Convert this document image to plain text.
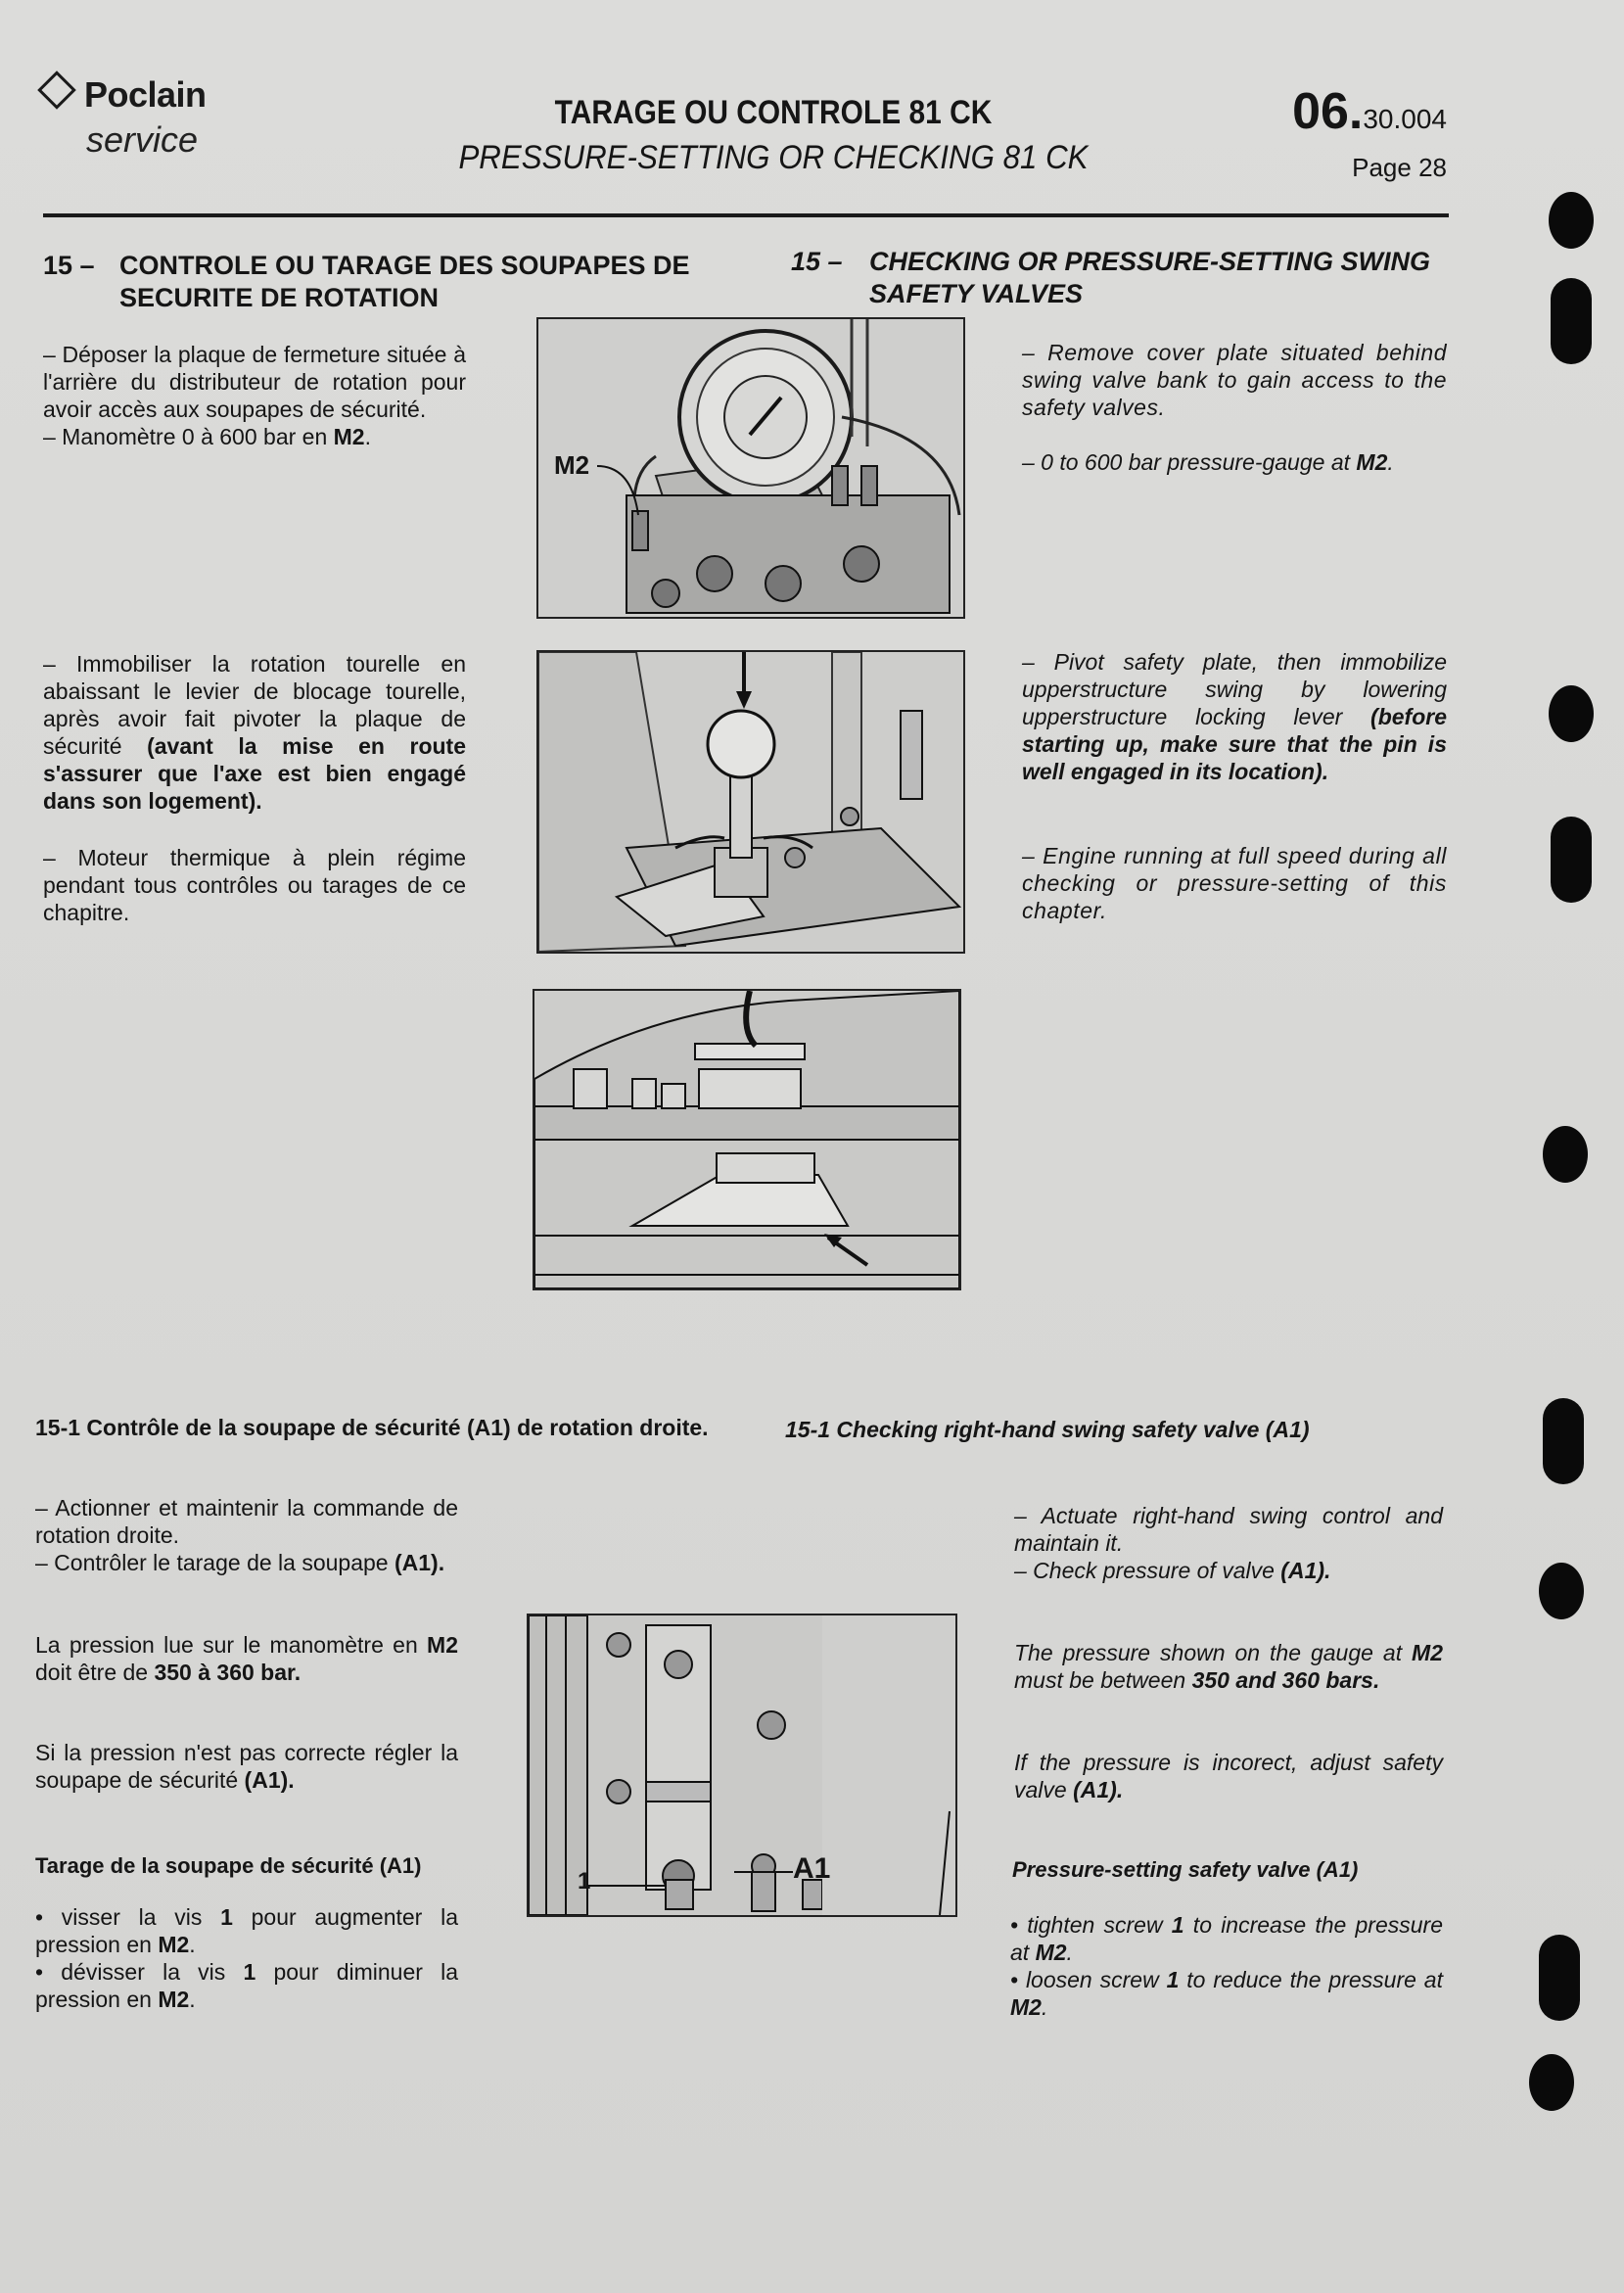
Poclain
service
TARAGE OU CONTROLE 81 CK
PRESSURE-SETTING OR CHECKING 81 CK
06.30.004
Page 28
15 – CONTROLE OU TARAGE DES SOUPAPES DE SECURITE DE ROTATION
15 –	CHECKING OR PRESSURE-SETTING SWING SAFETY VALVES
– Déposer la plaque de fermeture située à l'arrière du distributeur de rotation pour avoir accès aux soupapes de sécurité.
– Manomètre 0 à 600 bar en M2.
– Immobiliser la rotation tourelle en abaissant le levier de blocage tourelle, après avoir fait pivoter la plaque de sécurité (avant la mise en route s'assurer que l'axe est bien engagé dans son logement).
– Moteur thermique à plein régime pendant tous contrôles ou tarages de ce chapitre.
– Remove cover plate situated behind swing valve bank to gain access to the safety valves.
– 0 to 600 bar pressure-gauge at M2.
– Pivot safety plate, then immobilize upperstructure swing by lowering upperstructure locking lever (before starting up, make sure that the pin is well engaged in its location).
– Engine running at full speed during all checking or pressure-setting of this chapter.
M2
15-1 Contrôle de la soupape de sécurité (A1) de rotation droite.	15-1 Checking right-hand swing safety valve (A1)
– Actionner et maintenir la commande de rotation droite.
– Contrôler le tarage de la soupape (A1).
La pression lue sur le manomètre en M2 doit être de 350 à 360 bar.
Si la pression n'est pas correcte régler la soupape de sécurité (A1).
Tarage de la soupape de sécurité (A1)
• visser la vis 1 pour augmenter la pression en M2.
• dévisser la vis 1 pour diminuer la pression en M2.
– Actuate right-hand swing control and maintain it.
– Check pressure of valve (A1).
The pressure shown on the gauge at M2 must be between 350 and 360 bars.
If the pressure is incorect, adjust safety valve (A1).
Pressure-setting safety valve (A1)
• tighten screw 1 to increase the pressure at M2.
• loosen screw 1 to reduce the pressure at M2.
1	A1
